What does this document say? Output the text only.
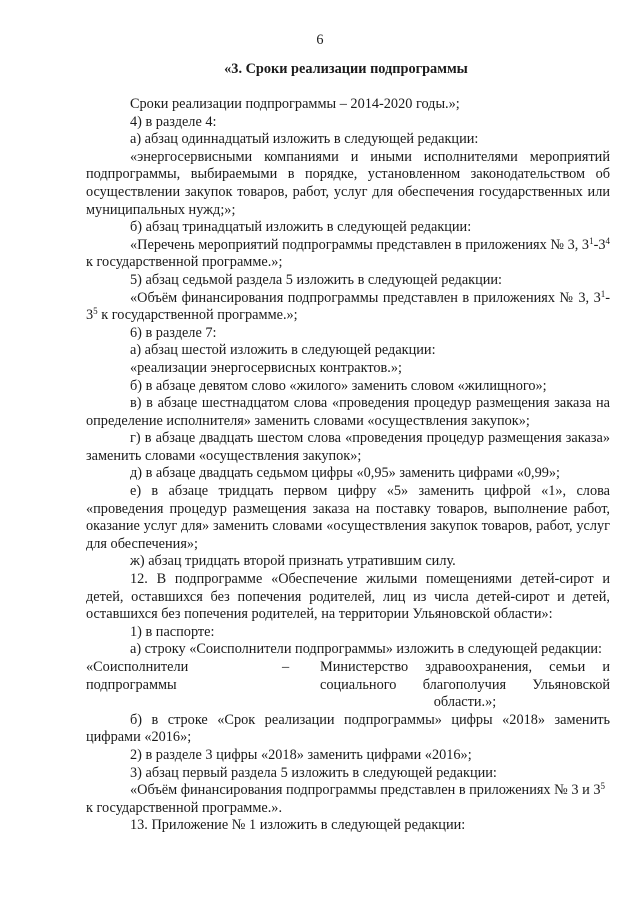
6
«3. Сроки реализации подпрограммы

Сроки реализации подпрограммы – 2014-2020 годы.»;

4) в разделе 4:

а) абзац одиннадцатый изложить в следующей редакции:

«энергосервисными компаниями и иными исполнителями мероприятий подпрограммы, выбираемыми в порядке, установленном законодательством об осуществлении закупок товаров, работ, услуг для обеспечения государственных или муниципальных нужд;»;

б) абзац тринадцатый изложить в следующей редакции:

«Перечень мероприятий подпрограммы представлен в приложениях № 3, $3^1-3^4$ к государственной программе.»;

5) абзац седьмой раздела 5 изложить в следующей редакции:

«Объём финансирования подпрограммы представлен в приложениях № 3, $3^1-3^5$ к государственной программе.»;

6) в разделе 7:

а) абзац шестой изложить в следующей редакции:

«реализации энергосервисных контрактов.»;

б) в абзаце девятом слово «жилого» заменить словом «жилищного»;

в) в абзаце шестнадцатом слова «проведения процедур размещения заказа на определение исполнителя» заменить словами «осуществления закупок»;

г) в абзаце двадцать шестом слова «проведения процедур размещения заказа» заменить словами «осуществления закупок»;

д) в абзаце двадцать седьмом цифры «0,95» заменить цифрами «0,99»;

е) в абзаце тридцать первом цифру «5» заменить цифрой «1», слова «проведения процедур размещения заказа на поставку товаров, выполнение работ, оказание услуг для» заменить словами «осуществления закупок товаров, работ, услуг для обеспечения»;

ж) абзац тридцать второй признать утратившим силу.

12. В подпрограмме «Обеспечение жилыми помещениями детей-сирот и детей, оставшихся без попечения родителей, лиц из числа детей-сирот и детей, оставшихся без попечения родителей, на территории Ульяновской области»:

1) в паспорте:

а) строку «Соисполнители подпрограммы» изложить в следующей редакции:

«Соисполнители
подпрограммы
–	Министерство здравоохранения, семьи и
социального благополучия Ульяновской
области.»;

б) в строке «Срок реализации подпрограммы» цифры «2018» заменить цифрами «2016»;

2) в разделе 3 цифры «2018» заменить цифрами «2016»;

3) абзац первый раздела 5 изложить в следующей редакции:

«Объём финансирования подпрограммы представлен в приложениях № 3 и $3^5$ к государственной программе.».

13. Приложение № 1 изложить в следующей редакции:
